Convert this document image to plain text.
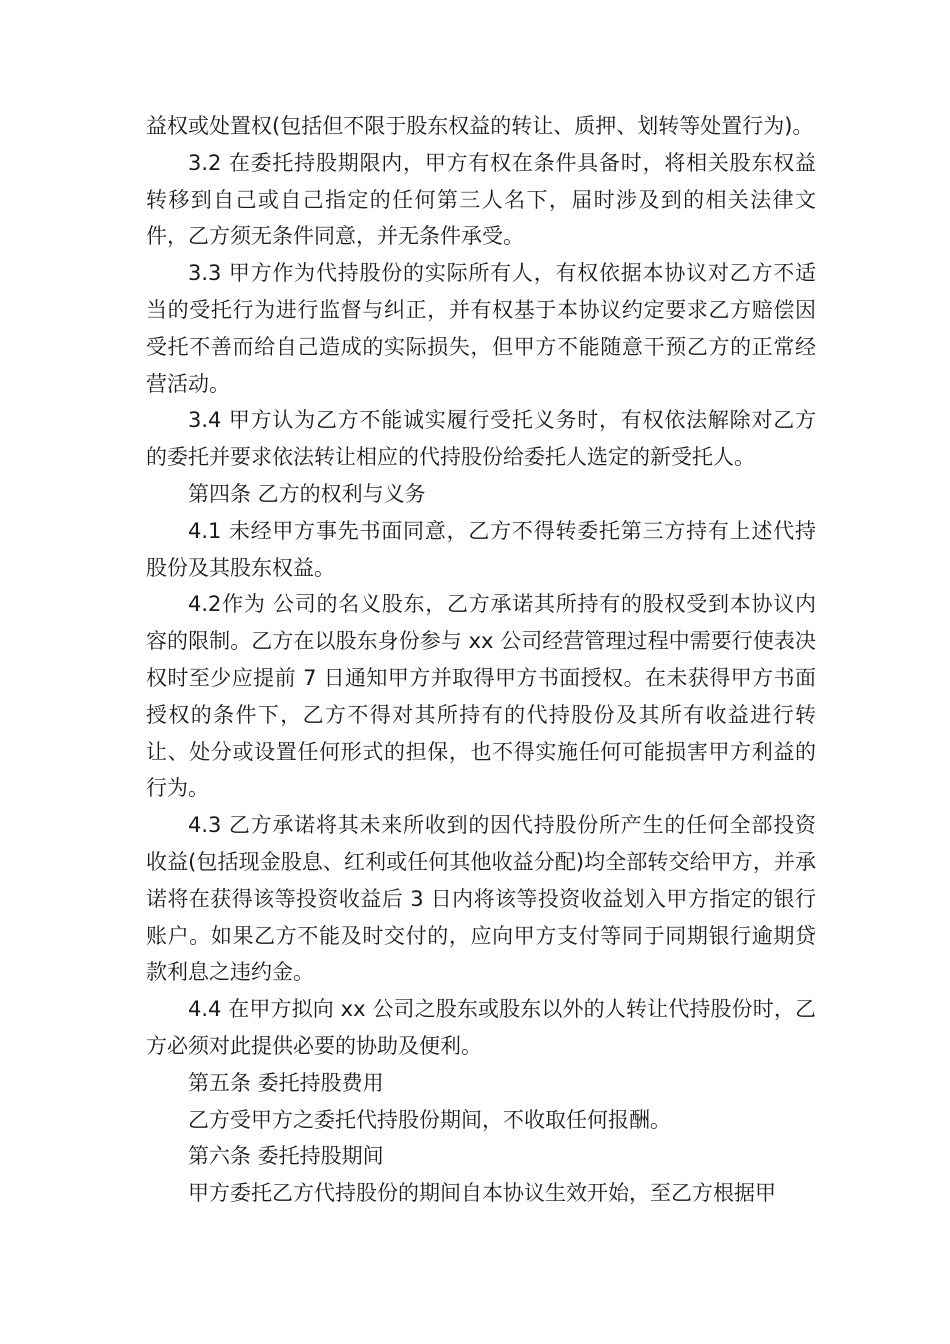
益权或处置权(包括但不限于股东权益的转让、质押、划转等处置行为)。

3.2 在委托持股期限内，甲方有权在条件具备时，将相关股东权益转移到自己或自己指定的任何第三人名下，届时涉及到的相关法律文件，乙方须无条件同意，并无条件承受。

3.3 甲方作为代持股份的实际所有人，有权依据本协议对乙方不适当的受托行为进行监督与纠正，并有权基于本协议约定要求乙方赔偿因受托不善而给自己造成的实际损失，但甲方不能随意干预乙方的正常经营活动。

3.4 甲方认为乙方不能诚实履行受托义务时，有权依法解除对乙方的委托并要求依法转让相应的代持股份给委托人选定的新受托人。

第四条 乙方的权利与义务

4.1 未经甲方事先书面同意，乙方不得转委托第三方持有上述代持股份及其股东权益。

4.2作为 公司的名义股东，乙方承诺其所持有的股权受到本协议内容的限制。乙方在以股东身份参与 xx 公司经营管理过程中需要行使表决权时至少应提前 7 日通知甲方并取得甲方书面授权。在未获得甲方书面授权的条件下，乙方不得对其所持有的代持股份及其所有收益进行转让、处分或设置任何形式的担保，也不得实施任何可能损害甲方利益的行为。

4.3 乙方承诺将其未来所收到的因代持股份所产生的任何全部投资收益(包括现金股息、红利或任何其他收益分配)均全部转交给甲方，并承诺将在获得该等投资收益后 3 日内将该等投资收益划入甲方指定的银行账户。如果乙方不能及时交付的，应向甲方支付等同于同期银行逾期贷款利息之违约金。

4.4 在甲方拟向 xx 公司之股东或股东以外的人转让代持股份时，乙方必须对此提供必要的协助及便利。

第五条 委托持股费用

乙方受甲方之委托代持股份期间，不收取任何报酬。

第六条 委托持股期间

甲方委托乙方代持股份的期间自本协议生效开始，至乙方根据甲
